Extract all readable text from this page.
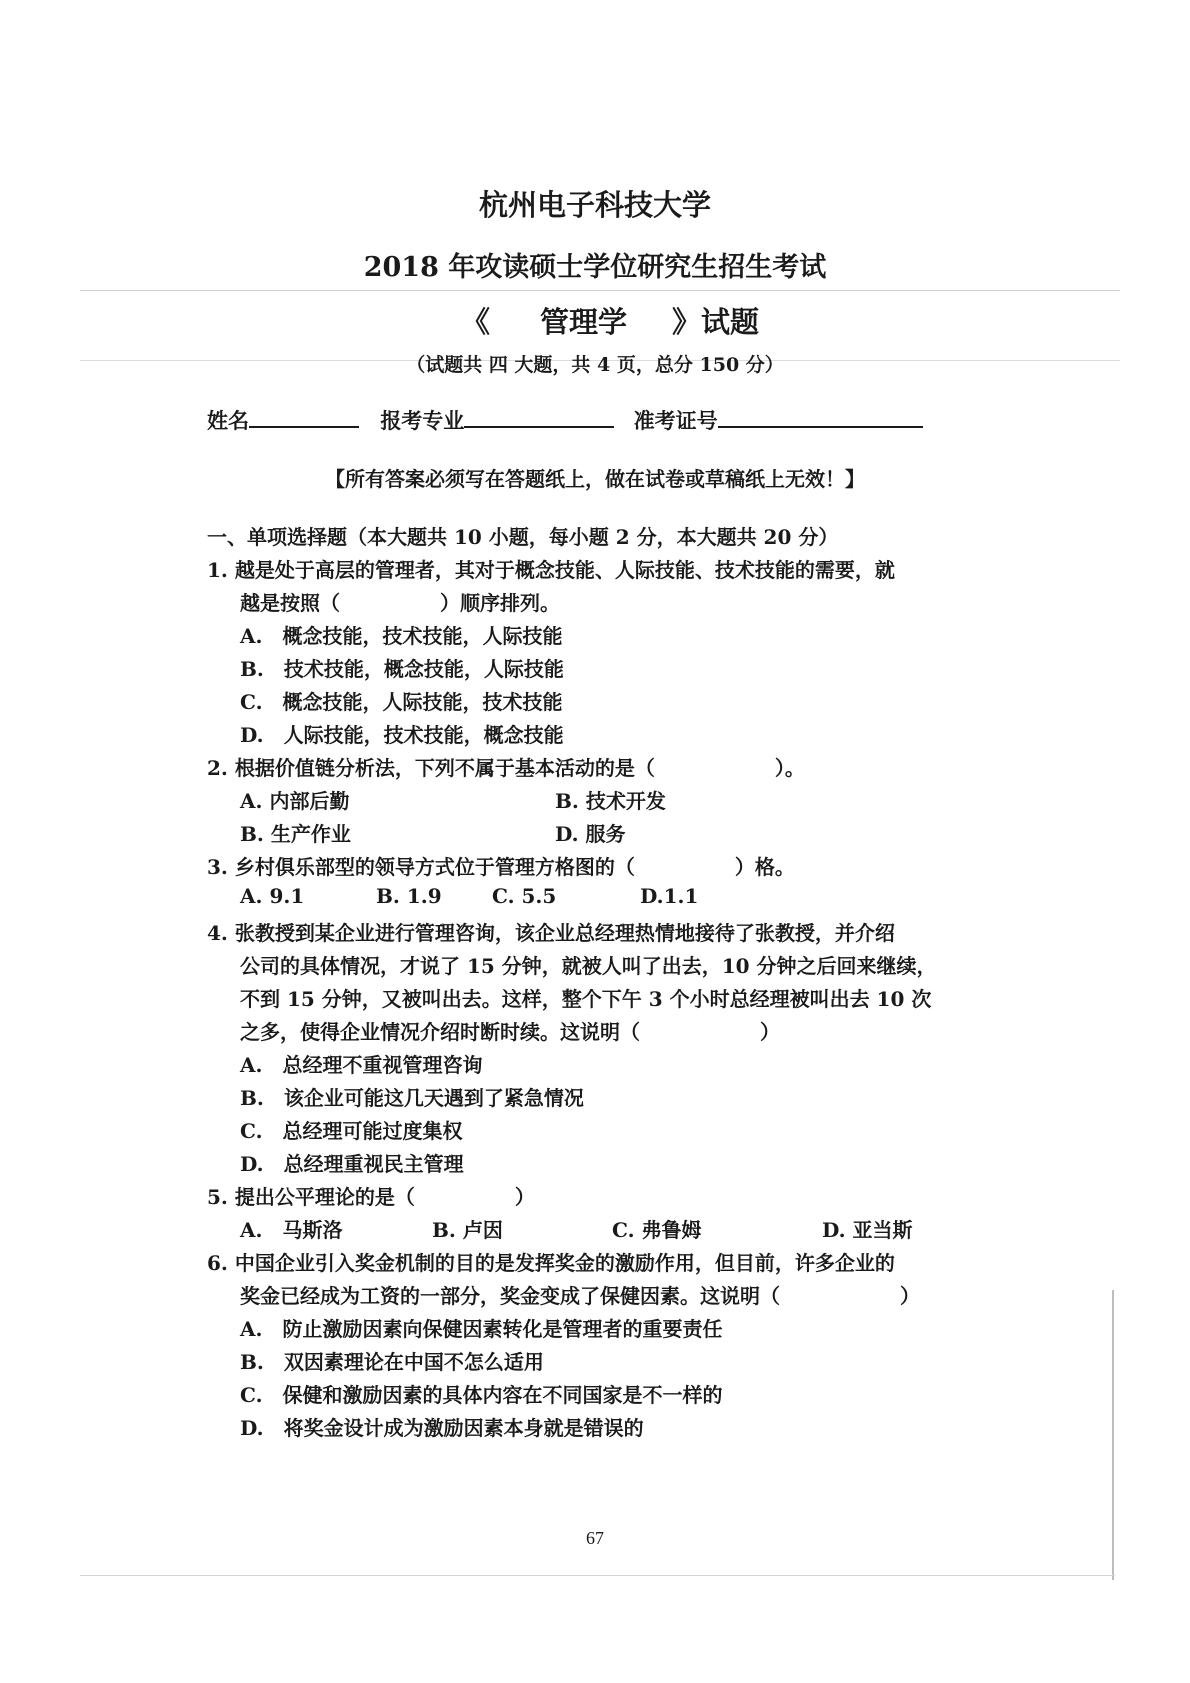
杭州电子科技大学
2018 年攻读硕士学位研究生招生考试
《 管理学 》试题
（试题共 四 大题，共 4 页，总分 150 分）
姓名	报考专业	准考证号
【所有答案必须写在答题纸上，做在试卷或草稿纸上无效！】
一、单项选择题（本大题共 10 小题，每小题 2 分，本大题共 20 分）
1. 越是处于高层的管理者，其对于概念技能、人际技能、技术技能的需要，就
越是按照（　　　　　）顺序排列。
A.　概念技能，技术技能，人际技能
B.　技术技能，概念技能，人际技能
C.　概念技能，人际技能，技术技能
D.　人际技能，技术技能，概念技能
2. 根据价值链分析法，下列不属于基本活动的是（　　　　　　）。
A. 内部后勤	B. 技术开发
B. 生产作业	D. 服务
3. 乡村俱乐部型的领导方式位于管理方格图的（　　　　　）格。
A. 9.1	B. 1.9	C. 5.5	D.1.1
4. 张教授到某企业进行管理咨询，该企业总经理热情地接待了张教授，并介绍
公司的具体情况，才说了 15 分钟，就被人叫了出去，10 分钟之后回来继续，
不到 15 分钟，又被叫出去。这样，整个下午 3 个小时总经理被叫出去 10 次
之多，使得企业情况介绍时断时续。这说明（　　　　　　）
A.　总经理不重视管理咨询
B.　该企业可能这几天遇到了紧急情况
C.　总经理可能过度集权
D.　总经理重视民主管理
5. 提出公平理论的是（　　　　　）
A.　马斯洛	B. 卢因	C. 弗鲁姆	D. 亚当斯
6. 中国企业引入奖金机制的目的是发挥奖金的激励作用，但目前，许多企业的
奖金已经成为工资的一部分，奖金变成了保健因素。这说明（　　　　　　）
A.　防止激励因素向保健因素转化是管理者的重要责任
B.　双因素理论在中国不怎么适用
C.　保健和激励因素的具体内容在不同国家是不一样的
D.　将奖金设计成为激励因素本身就是错误的
67
